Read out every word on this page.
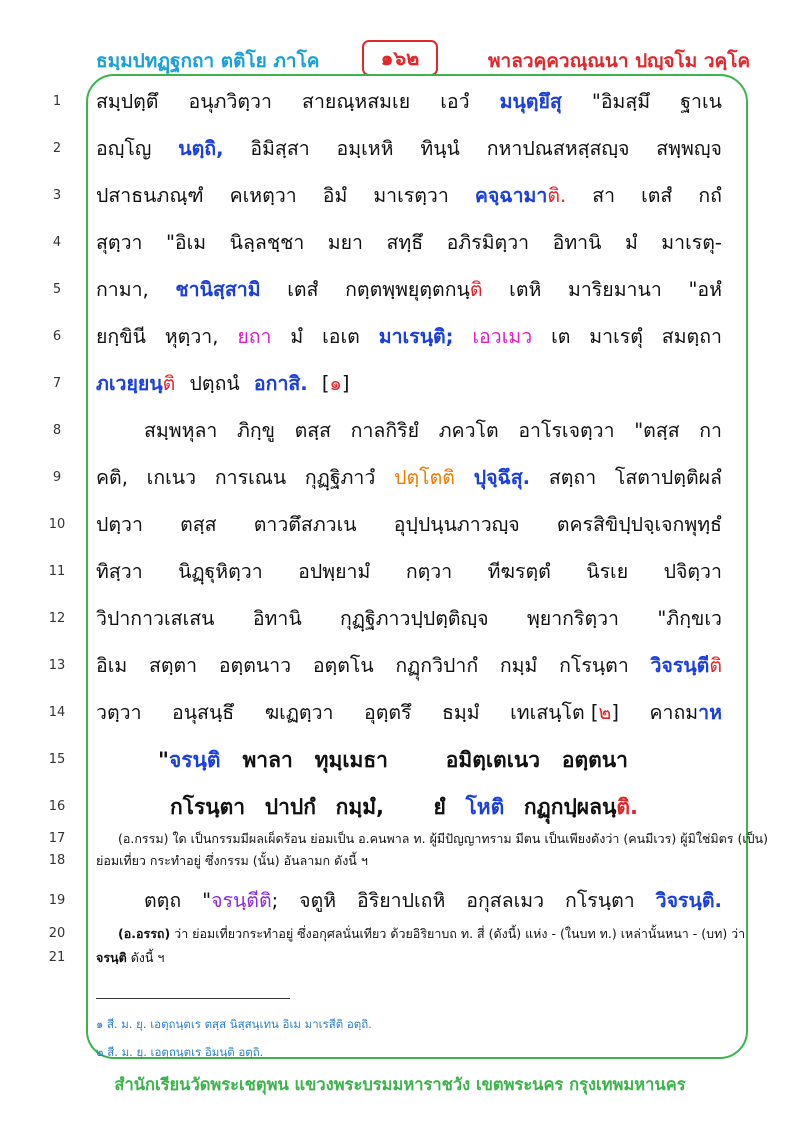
ธมฺมปทฏฺฐกถา ตติโย ภาโค	๑๖๒	พาลวคฺควณฺณนา ปญฺจโม วคฺโค
1
2
3
4
5
6
7
8
9
10
11
12
13
14
15
16
17
18
19
20
21
สมฺปตฺตึ อนุภวิตฺวา สายณฺหสมเย เอวํ มนุตฺยึสุ "อิมสฺมึ ฐาเน
อญฺโญ นตฺถิ, อิมิสฺสา อมฺเหหิ ทินฺนํ กหาปณสหสฺสญฺจ สพฺพญฺจ
ปสาธนภณฺฑํ คเหตฺวา อิมํ มาเรตฺวา คจฺฉามาติ. สา เตสํ กถํ
สุตฺวา "อิเม นิลฺลชฺชา มยา สทฺธึ อภิรมิตฺวา อิทานิ มํ มาเรตุ-
กามา, ชานิสฺสามิ เตสํ กตฺตพฺพยุตฺตกนฺติ เตหิ มาริยมานา "อหํ
ยกฺขินี หุตฺวา, ยถา มํ เอเต มาเรนฺติ; เอวเมว เต มาเรตุํ สมตฺถา
ภเวยฺยนฺติ ปตฺถนํ อกาสิ. [๑]
สมฺพหุลา ภิกฺขู ตสฺส กาลกิริยํ ภควโต อาโรเจตฺวา "ตสฺส กา
คติ, เกเนว การเณน กุฏฺฐิภาวํ ปตฺโตติ ปุจฺฉึสุ. สตฺถา โสตาปตฺติผลํ
ปตฺวา ตสฺส ตาวตึสภวเน อุปฺปนฺนภาวญฺจ ตครสิขิปฺปจฺเจกพุทฺธํ
ทิสฺวา นิฏฺฐุหิตฺวา อปพฺยามํ กตฺวา ทีฆรตฺตํ นิรเย ปจิตฺวา
วิปากาวเสเสน อิทานิ กุฏฺฐิภาวปฺปตฺติญฺจ พฺยากริตฺวา "ภิกฺขเว
อิเม สตฺตา อตฺตนาว อตฺตโน กฏุกวิปากํ กมฺมํ กโรนฺตา วิจรนฺตีติ
วตฺวา อนุสนฺธึ ฆเฏตฺวา อุตฺตรึ ธมฺมํ เทเสนฺโต [๒] คาถมาห
"จรนฺติ พาลา ทุมฺเมธา	อมิตฺเตเนว อตฺตนา
กโรนฺตา ปาปกํ กมฺมํ, ยํ โหติ กฏุกปฺผลนฺติ.
(อ.กรรม) ใด เป็นกรรมมีผลเผ็ดร้อน ย่อมเป็น อ.คนพาล ท. ผู้มีปัญญาทราม มีตน เป็นเพียงดังว่า (คนมีเวร) ผู้มิใช่มิตร (เป็น)
ย่อมเที่ยว กระทำอยู่ ซึ่งกรรม (นั้น) อันลามก ดังนี้ ฯ
ตตฺถ "จรนฺตีติ; จตูหิ อิริยาปเถหิ อกุสลเมว กโรนฺตา วิจรนฺติ.
(อ.อรรถ) ว่า ย่อมเที่ยวกระทำอยู่ ซึ่งอกุศลนั่นเทียว ด้วยอิริยาบถ ท. สี่ (ดังนี้) แห่ง - (ในบท ท.) เหล่านั้นหนา - (บท) ว่า
จรนฺติ ดังนี้ ฯ
๑ สี. ม. ยุ. เอตฺถนฺตเร ตสฺส นิสฺสนฺเทน อิเม มาเรสีติ อตฺถิ.
๒ สี. ม. ยุ. เอตฺถนฺตเร อิมนฺติ อตฺถิ.
สำนักเรียนวัดพระเชตุพน แขวงพระบรมมหาราชวัง เขตพระนคร กรุงเทพมหานคร
